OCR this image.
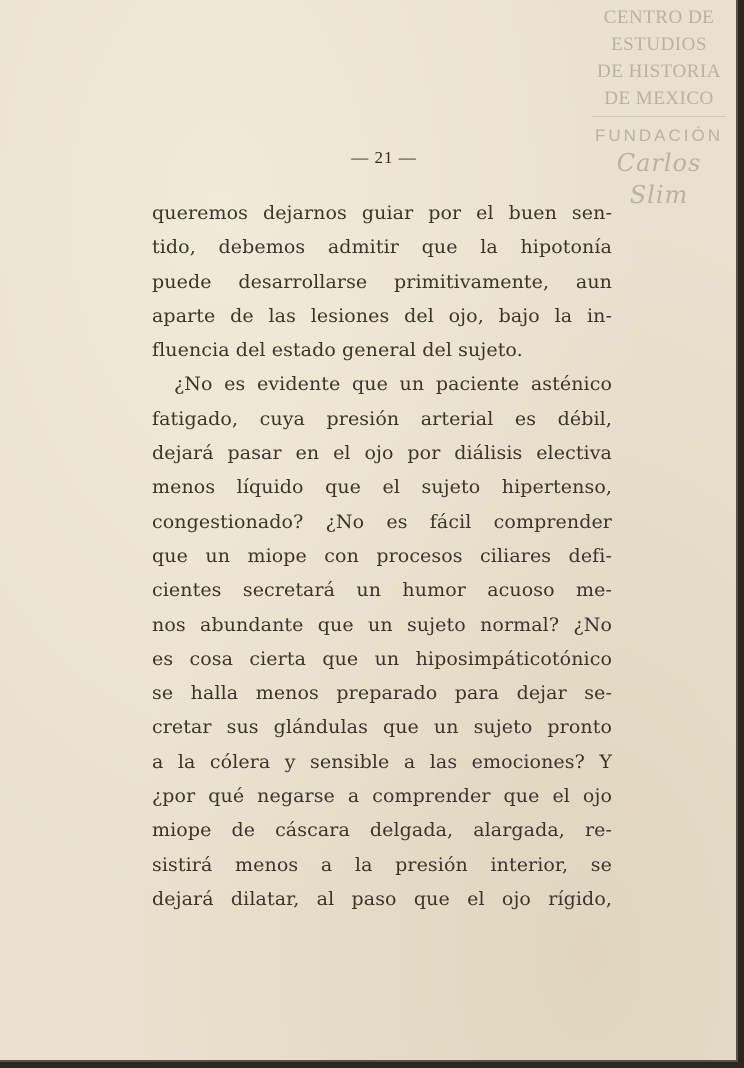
CENTRO DE
ESTUDIOS
DE HISTORIA
DE MEXICO
FUNDACIÓN
Carlos Slim
— 21 —
queremos dejarnos guiar por el buen sen-
tido, debemos admitir que la hipotonía
puede desarrollarse primitivamente, aun
aparte de las lesiones del ojo, bajo la in-
fluencia del estado general del sujeto.
¿No es evidente que un paciente asténico
fatigado, cuya presión arterial es débil,
dejará pasar en el ojo por diálisis electiva
menos líquido que el sujeto hipertenso,
congestionado? ¿No es fácil comprender
que un miope con procesos ciliares defi-
cientes secretará un humor acuoso me-
nos abundante que un sujeto normal? ¿No
es cosa cierta que un hiposimpáticotónico
se halla menos preparado para dejar se-
cretar sus glándulas que un sujeto pronto
a la cólera y sensible a las emociones? Y
¿por qué negarse a comprender que el ojo
miope de cáscara delgada, alargada, re-
sistirá menos a la presión interior, se
dejará dilatar, al paso que el ojo rígido,
